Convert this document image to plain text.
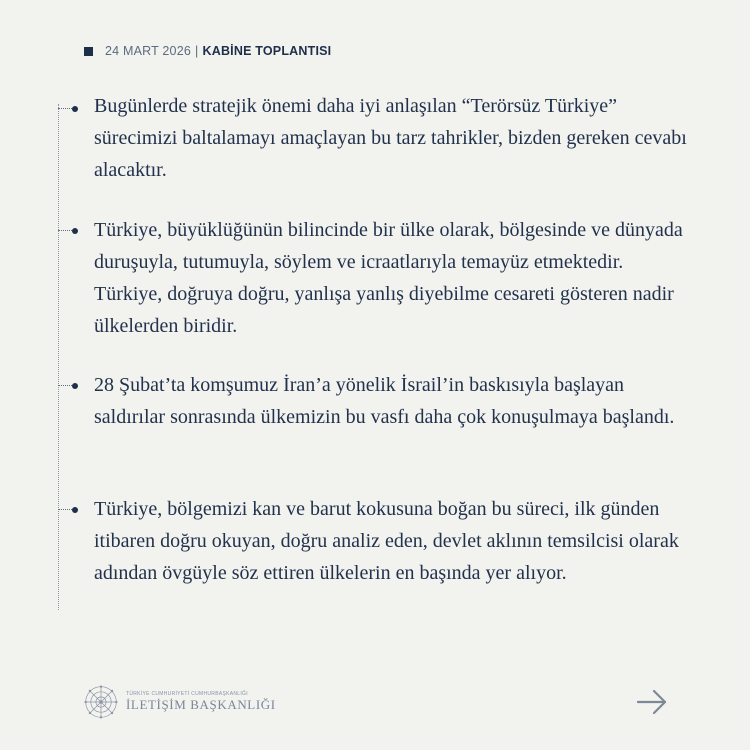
24 MART 2026 | KABİNE TOPLANTISI
Bugünlerde stratejik önemi daha iyi anlaşılan “Terörsüz Türkiye” sürecimizi baltalamayı amaçlayan bu tarz tahrikler, bizden gereken cevabı alacaktır.
Türkiye, büyüklüğünün bilincinde bir ülke olarak, bölgesinde ve dünyada duruşuyla, tutumuyla, söylem ve icraatlarıyla temayüz etmektedir. Türkiye, doğruya doğru, yanlışa yanlış diyebilme cesareti gösteren nadir ülkelerden biridir.
28 Şubat’ta komşumuz İran’a yönelik İsrail’in baskısıyla başlayan saldırılar sonrasında ülkemizin bu vasfı daha çok konuşulmaya başlandı.
Türkiye, bölgemizi kan ve barut kokusuna boğan bu süreci, ilk günden itibaren doğru okuyan, doğru analiz eden, devlet aklının temsilcisi olarak adından övgüyle söz ettiren ülkelerin en başında yer alıyor.
TÜRKİYE CUMHURİYETİ CUMHURBAŞKANLIĞI
İLETİŞİM BAŞKANLIĞI
